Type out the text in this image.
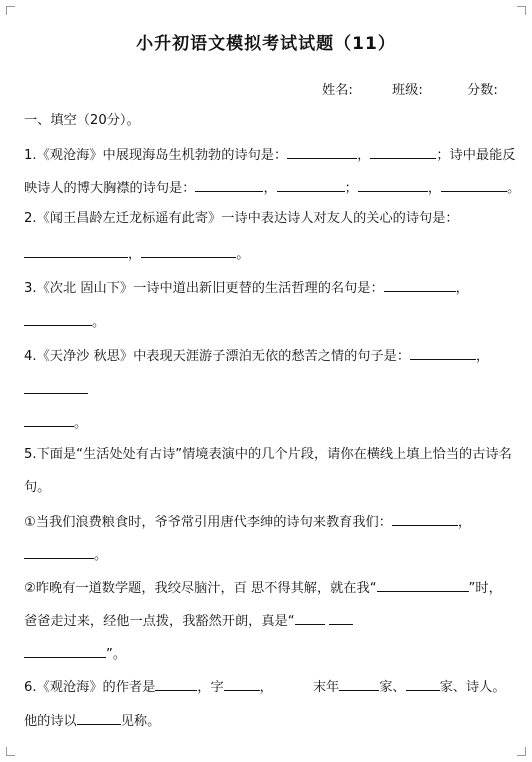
小升初语文模拟考试试题（11）
姓名:	班级:	分数:
一、填空（20分）。
1.《观沧海》中展现海岛生机勃勃的诗句是：	，	；诗中最能反
映诗人的博大胸襟的诗句是：	，	；	，	。
2.《闻王昌龄左迁龙标遥有此寄》一诗中表达诗人对友人的关心的诗句是：
，	。
3.《次北 固山下》一诗中道出新旧更替的生活哲理的名句是：	，
。
4.《天净沙 秋思》中表现天涯游子漂泊无依的愁苦之情的句子是：	，
。
5.下面是“生活处处有古诗”情境表演中的几个片段，请你在横线上填上恰当的古诗名
句。
①当我们浪费粮食时，爷爷常引用唐代李绅的诗句来教育我们：	，
。
②昨晚有一道数学题，我绞尽脑汁，百 思不得其解，就在我“	”时，
爸爸走过来，经他一点拨，我豁然开朗，真是“
”。
6.《观沧海》的作者是	，字	，	末年	家、	家、诗人。
他的诗以	见称。
